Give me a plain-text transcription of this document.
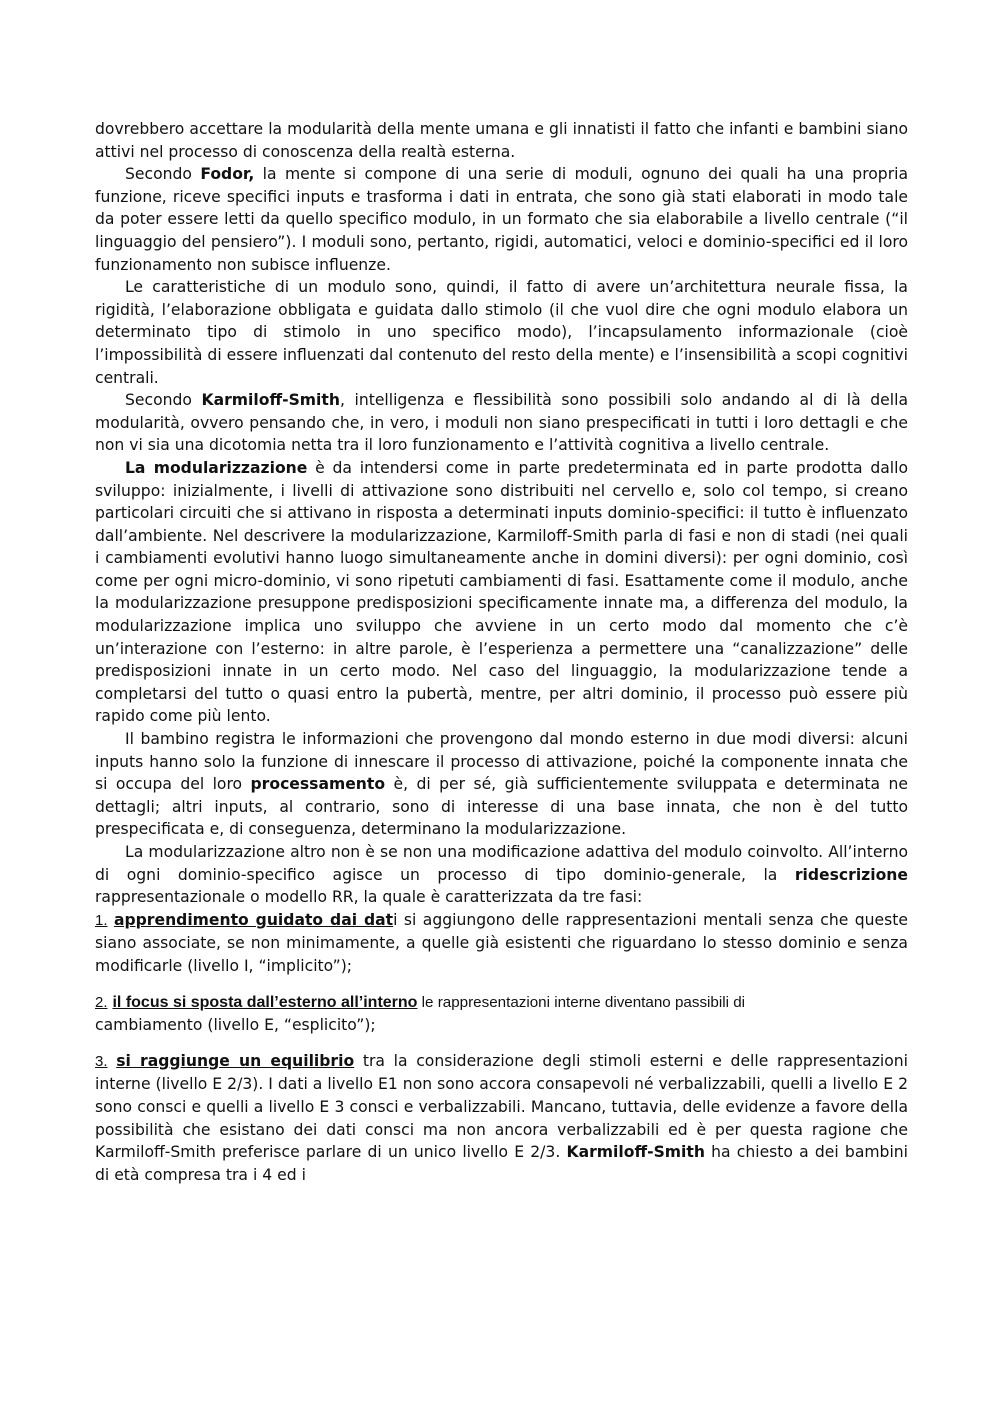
dovrebbero accettare la modularità della mente umana e gli innatisti il fatto che infanti e bambini siano attivi nel processo di conoscenza della realtà esterna.

Secondo Fodor, la mente si compone di una serie di moduli, ognuno dei quali ha una propria funzione, riceve specifici inputs e trasforma i dati in entrata, che sono già stati elaborati in modo tale da poter essere letti da quello specifico modulo, in un formato che sia elaborabile a livello centrale (“il linguaggio del pensiero”). I moduli sono, pertanto, rigidi, automatici, veloci e dominio-specifici ed il loro funzionamento non subisce influenze.

Le caratteristiche di un modulo sono, quindi, il fatto di avere un’architettura neurale fissa, la rigidità, l’elaborazione obbligata e guidata dallo stimolo (il che vuol dire che ogni modulo elabora un determinato tipo di stimolo in uno specifico modo), l’incapsulamento informazionale (cioè l’impossibilità di essere influenzati dal contenuto del resto della mente) e l’insensibilità a scopi cognitivi centrali.

Secondo Karmiloff-Smith, intelligenza e flessibilità sono possibili solo andando al di là della modularità, ovvero pensando che, in vero, i moduli non siano prespecificati in tutti i loro dettagli e che non vi sia una dicotomia netta tra il loro funzionamento e l’attività cognitiva a livello centrale.

La modularizzazione è da intendersi come in parte predeterminata ed in parte prodotta dallo sviluppo: inizialmente, i livelli di attivazione sono distribuiti nel cervello e, solo col tempo, si creano particolari circuiti che si attivano in risposta a determinati inputs dominio-specifici: il tutto è influenzato dall’ambiente. Nel descrivere la modularizzazione, Karmiloff-Smith parla di fasi e non di stadi (nei quali i cambiamenti evolutivi hanno luogo simultaneamente anche in domini diversi): per ogni dominio, così come per ogni micro-dominio, vi sono ripetuti cambiamenti di fasi. Esattamente come il modulo, anche la modularizzazione presuppone predisposizioni specificamente innate ma, a differenza del modulo, la modularizzazione implica uno sviluppo che avviene in un certo modo dal momento che c’è un’interazione con l’esterno: in altre parole, è l’esperienza a permettere una “canalizzazione” delle predisposizioni innate in un certo modo. Nel caso del linguaggio, la modularizzazione tende a completarsi del tutto o quasi entro la pubertà, mentre, per altri dominio, il processo può essere più rapido come più lento.

Il bambino registra le informazioni che provengono dal mondo esterno in due modi diversi: alcuni inputs hanno solo la funzione di innescare il processo di attivazione, poiché la componente innata che si occupa del loro processamento è, di per sé, già sufficientemente sviluppata e determinata ne dettagli; altri inputs, al contrario, sono di interesse di una base innata, che non è del tutto prespecificata e, di conseguenza, determinano la modularizzazione.

La modularizzazione altro non è se non una modificazione adattiva del modulo coinvolto. All’interno di ogni dominio-specifico agisce un processo di tipo dominio-generale, la ridescrizione rappresentazionale o modello RR, la quale è caratterizzata da tre fasi:

1. apprendimento guidato dai dati si aggiungono delle rappresentazioni mentali senza che queste siano associate, se non minimamente, a quelle già esistenti che riguardano lo stesso dominio e senza modificarle (livello I, “implicito”);

2. il focus si sposta dall’esterno all’interno le rappresentazioni interne diventano passibili di
cambiamento (livello E, “esplicito”);

3. si raggiunge un equilibrio tra la considerazione degli stimoli esterni e delle rappresentazioni interne (livello E 2/3). I dati a livello E1 non sono accora consapevoli né verbalizzabili, quelli a livello E 2 sono consci e quelli a livello E 3 consci e verbalizzabili. Mancano, tuttavia, delle evidenze a favore della possibilità che esistano dei dati consci ma non ancora verbalizzabili ed è per questa ragione che Karmiloff-Smith preferisce parlare di un unico livello E 2/3. Karmiloff-Smith ha chiesto a dei bambini di età compresa tra i 4 ed i
